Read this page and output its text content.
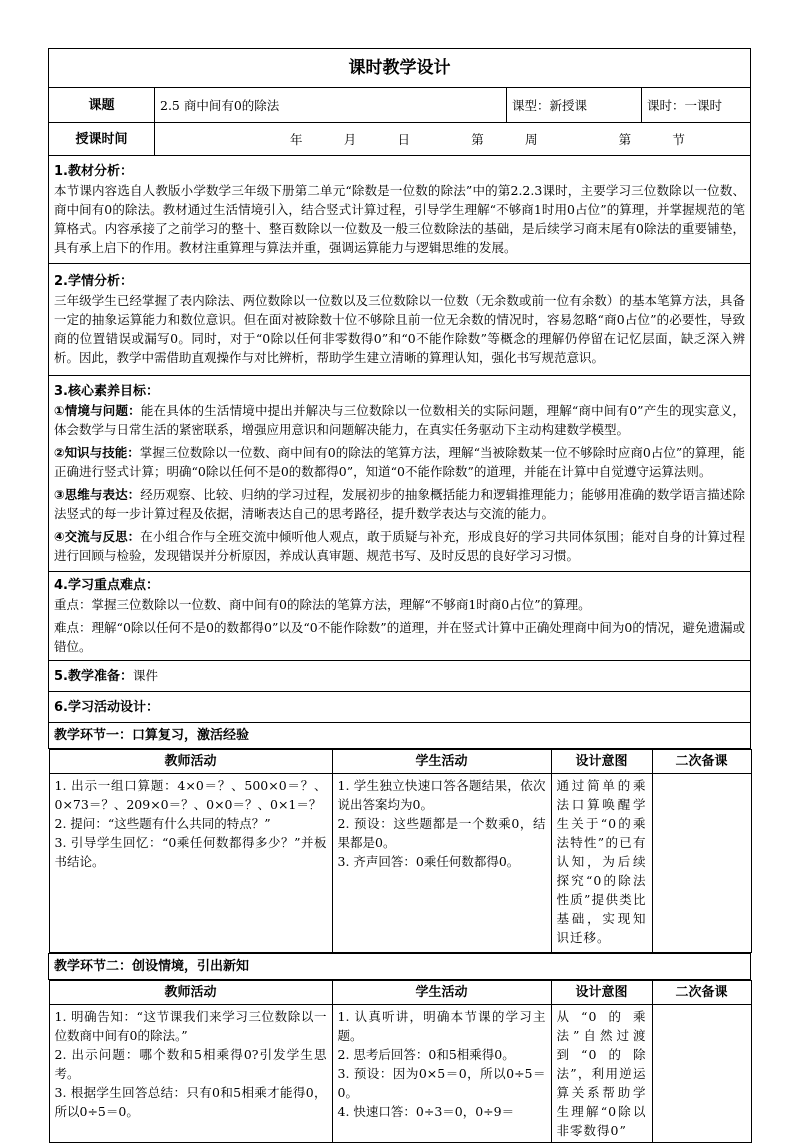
课时教学设计
课题	2.5 商中间有0的除法	课型：新授课	课时：一课时
授课时间	年	月	日	第	周	第	节

1.教材分析：
本节课内容选自人教版小学数学三年级下册第二单元“除数是一位数的除法”中的第2.2.3课时，主要学习三位数除以一位数、商中间有0的除法。教材通过生活情境引入，结合竖式计算过程，引导学生理解“不够商1时用0占位”的算理，并掌握规范的笔算格式。内容承接了之前学习的整十、整百数除以一位数及一般三位数除法的基础，是后续学习商末尾有0除法的重要铺垫，具有承上启下的作用。教材注重算理与算法并重，强调运算能力与逻辑思维的发展。

2.学情分析：
三年级学生已经掌握了表内除法、两位数除以一位数以及三位数除以一位数（无余数或前一位有余数）的基本笔算方法，具备一定的抽象运算能力和数位意识。但在面对被除数十位不够除且前一位无余数的情况时，容易忽略“商0占位”的必要性，导致商的位置错误或漏写0。同时，对于“0除以任何非零数得0”和“0不能作除数”等概念的理解仍停留在记忆层面，缺乏深入辨析。因此，教学中需借助直观操作与对比辨析，帮助学生建立清晰的算理认知，强化书写规范意识。

3.核心素养目标：
①情境与问题：能在具体的生活情境中提出并解决与三位数除以一位数相关的实际问题，理解“商中间有0”产生的现实意义，体会数学与日常生活的紧密联系，增强应用意识和问题解决能力，在真实任务驱动下主动构建数学模型。
②知识与技能：掌握三位数除以一位数、商中间有0的除法的笔算方法，理解“当被除数某一位不够除时应商0占位”的算理，能正确进行竖式计算；明确“0除以任何不是0的数都得0”，知道“0不能作除数”的道理，并能在计算中自觉遵守运算法则。
③思维与表达：经历观察、比较、归纳的学习过程，发展初步的抽象概括能力和逻辑推理能力；能够用准确的数学语言描述除法竖式的每一步计算过程及依据，清晰表达自己的思考路径，提升数学表达与交流的能力。
④交流与反思：在小组合作与全班交流中倾听他人观点，敢于质疑与补充，形成良好的学习共同体氛围；能对自身的计算过程进行回顾与检验，发现错误并分析原因，养成认真审题、规范书写、及时反思的良好学习习惯。

4.学习重点难点：
重点：掌握三位数除以一位数、商中间有0的除法的笔算方法，理解“不够商1时商0占位”的算理。
难点：理解“0除以任何不是0的数都得0”以及“0不能作除数”的道理，并在竖式计算中正确处理商中间为0的情况，避免遗漏或错位。

5.教学准备：课件
6.学习活动设计：
教学环节一：口算复习，激活经验

教师活动	学生活动	设计意图	二次备课
1. 出示一组口算题：4×0＝？、500×0＝？、0×73＝？、209×0＝？、0×0＝？、0×1＝？
2. 提问：“这些题有什么共同的特点？”
3. 引导学生回忆：“0乘任何数都得多少？”并板书结论。	1. 学生独立快速口答各题结果，依次说出答案均为0。
2. 预设：这些题都是一个数乘0，结果都是0。
3. 齐声回答：0乘任何数都得0。	通过简单的乘法口算唤醒学生关于“0的乘法特性”的已有认知，为后续探究“0的除法性质”提供类比基础，实现知识迁移。	

教学环节二：创设情境，引出新知

教师活动	学生活动	设计意图	二次备课
1. 明确告知：“这节课我们来学习三位数除以一位数商中间有0的除法。”
2. 出示问题：哪个数和5相乘得0?引发学生思考。
3. 根据学生回答总结：只有0和5相乘才能得0，所以0÷5＝0。	1. 认真听讲，明确本节课的学习主题。
2. 思考后回答：0和5相乘得0。
3. 预设：因为0×5＝0，所以0÷5＝0。
4. 快速口答：0÷3＝0，0÷9＝	从“0的乘法”自然过渡到“0的除法”，利用逆运算关系帮助学生理解“0除以非零数得0”	
